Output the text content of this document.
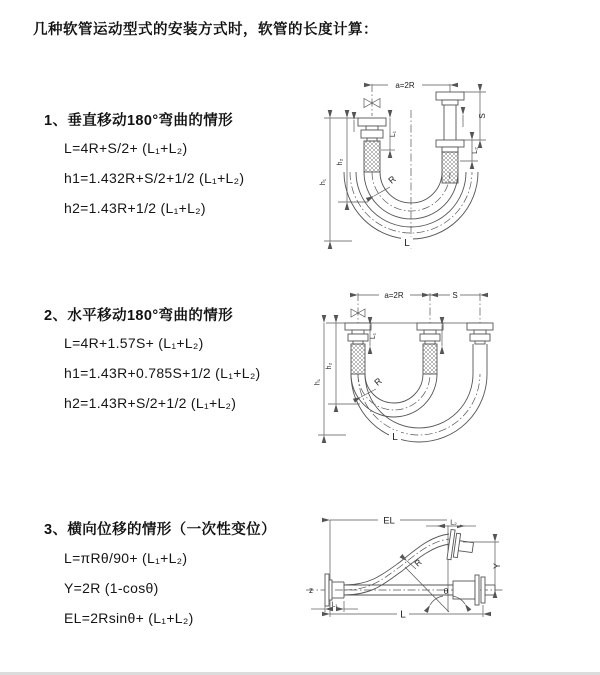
几种软管运动型式的安装方式时，软管的长度计算：
1、垂直移动180°弯曲的情形
L=4R+S/2+ (L₁+L₂)
h1=1.432R+S/2+1/2 (L₁+L₂)
h2=1.43R+1/2 (L₁+L₂)
2、水平移动180°弯曲的情形
L=4R+1.57S+ (L₁+L₂)
h1=1.43R+0.785S+1/2 (L₁+L₂)
h2=1.43R+S/2+1/2 (L₁+L₂)
3、横向位移的情形（一次性变位）
L=πRθ/90+ (L₁+L₂)
Y=2R (1-cosθ)
EL=2Rsinθ+ (L₁+L₂)
a=2R
L₁
h₂
h₁
S
L₂
R
L
a=2R	S
L₁
h₂
h₁	R
L
z
EL	L₂
L₁
R
θ
Y
L
